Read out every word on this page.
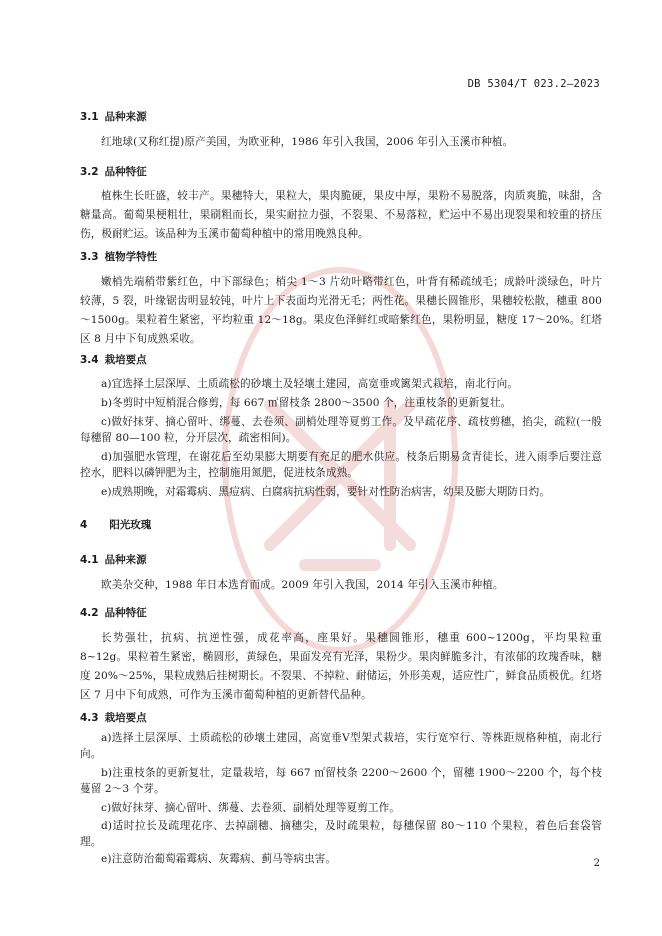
DB 5304/T 023.2—2023
3.1 品种来源
红地球(又称红提)原产美国，为欧亚种，1986 年引入我国，2006 年引入玉溪市种植。
3.2 品种特征
植株生长旺盛，较丰产。果穗特大，果粒大，果肉脆硬，果皮中厚，果粉不易脱落，肉质爽脆，味甜，含糖量高。葡萄果梗粗壮，果刷粗而长，果实耐拉力强，不裂果、不易落粒，贮运中不易出现裂果和较重的挤压伤，极耐贮运。该品种为玉溪市葡萄种植中的常用晚熟良种。
3.3 植物学特性
嫩梢先端稍带紫红色，中下部绿色；梢尖 1～3 片幼叶略带红色，叶背有稀疏绒毛；成龄叶淡绿色，叶片较薄，5 裂，叶缘锯齿明显较钝，叶片上下表面均光滑无毛；两性花。果穗长圆锥形，果穗较松散，穗重 800～1500g。果粒着生紧密，平均粒重 12～18g。果皮色泽鲜红或暗紫红色，果粉明显，糖度 17～20%。红塔区 8 月中下旬成熟采收。
3.4 栽培要点
a)宜选择土层深厚、土质疏松的砂壤土及轻壤土建园，高宽垂或篱架式栽培，南北行向。
b)冬剪时中短梢混合修剪，每 667 ㎡留枝条 2800～3500 个，注重枝条的更新复壮。
c)做好抹芽、摘心留叶、绑蔓、去卷须、副梢处理等夏剪工作。及早疏花序、疏枝剪穗，掐尖，疏粒(一般每穗留 80—100 粒，分开层次，疏密相间)。
d)加强肥水管理，在谢花后至幼果膨大期要有充足的肥水供应。枝条后期易贪青徒长，进入雨季后要注意控水，肥料以磷钾肥为主，控制施用氮肥，促进枝条成熟。
e)成熟期晚，对霜霉病、黑痘病、白腐病抗病性弱，要针对性防治病害，幼果及膨大期防日灼。
4 阳光玫瑰
4.1 品种来源
欧美杂交种，1988 年日本选育而成。2009 年引入我国，2014 年引入玉溪市种植。
4.2 品种特征
长势强壮，抗病、抗逆性强，成花率高，座果好。果穗圆锥形，穗重 600~1200g，平均果粒重 8~12g。果粒着生紧密，椭圆形，黄绿色，果面发亮有光泽，果粉少。果肉鲜脆多汁，有浓郁的玫瑰香味，糖度 20%～25%，果粒成熟后挂树期长。不裂果、不掉粒、耐储运，外形美观，适应性广，鲜食品质极优。红塔区 7 月中下旬成熟，可作为玉溪市葡萄种植的更新替代品种。
4.3 栽培要点
a)选择土层深厚、土质疏松的砂壤土建园，高宽垂V型架式栽培，实行宽窄行、等株距规格种植，南北行向。
b)注重枝条的更新复壮，定量栽培，每 667 ㎡留枝条 2200～2600 个，留穗 1900～2200 个，每个枝蔓留 2～3 个芽。
c)做好抹芽、摘心留叶、绑蔓、去卷须、副梢处理等夏剪工作。
d)适时拉长及疏理花序、去掉副穗、摘穗尖，及时疏果粒，每穗保留 80～110 个果粒，着色后套袋管理。
e)注意防治葡萄霜霉病、灰霉病、蓟马等病虫害。	2
